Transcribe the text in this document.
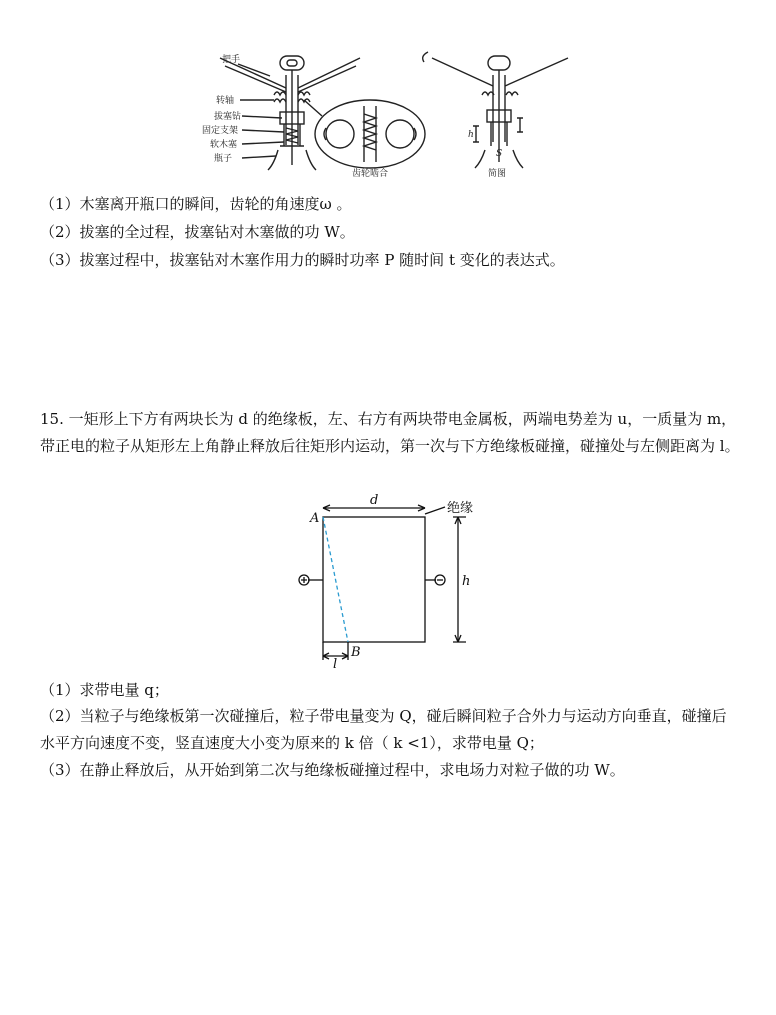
把手
转轴
拔塞钻
固定支架
软木塞
瓶子
齿轮啮合	简图
h
S
（1）木塞离开瓶口的瞬间，齿轮的角速度ω 。
（2）拔塞的全过程，拔塞钻对木塞做的功 W。
（3）拔塞过程中，拔塞钻对木塞作用力的瞬时功率 P 随时间 t 变化的表达式。
15. 一矩形上下方有两块长为 d 的绝缘板，左、右方有两块带电金属板，两端电势差为 u，一质量为 m，带正电的粒子从矩形左上角静止释放后往矩形内运动，第一次与下方绝缘板碰撞，碰撞处与左侧距离为 l。
d
A
B
h
l
绝缘
（1）求带电量 q；
（2）当粒子与绝缘板第一次碰撞后，粒子带电量变为 Q，碰后瞬间粒子合外力与运动方向垂直，碰撞后水平方向速度不变，竖直速度大小变为原来的 k 倍（ k <1），求带电量 Q；
（3）在静止释放后，从开始到第二次与绝缘板碰撞过程中，求电场力对粒子做的功 W。
